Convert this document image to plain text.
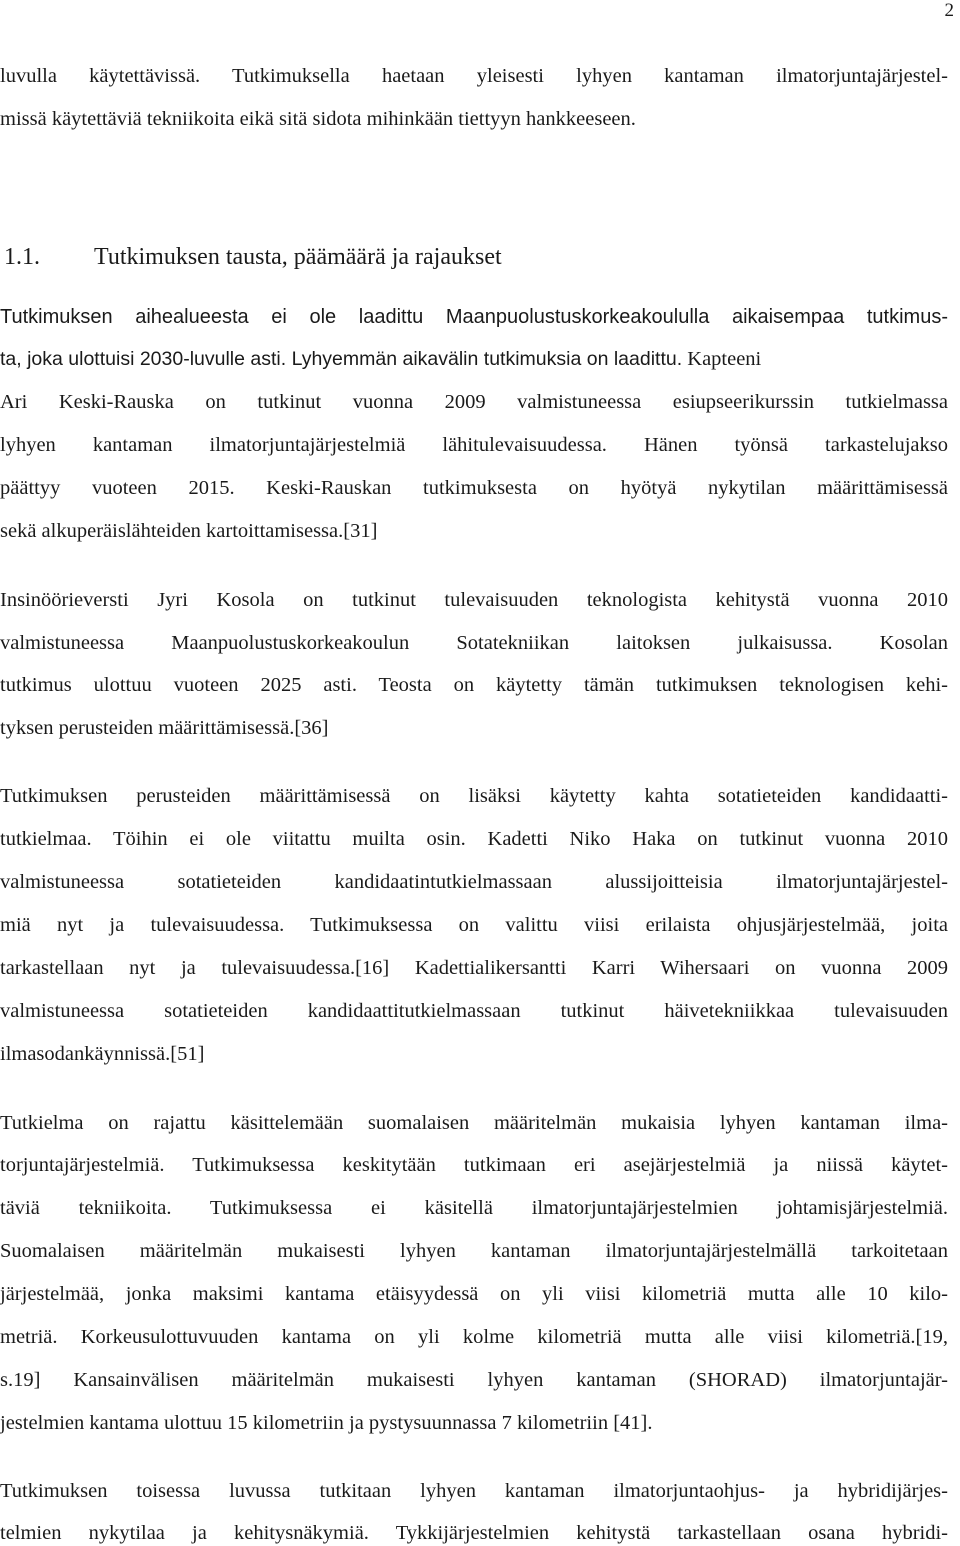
2
luvulla käytettävissä. Tutkimuksella haetaan yleisesti lyhyen kantaman ilmatorjuntajärjestel-
missä käytettäviä tekniikoita eikä sitä sidota mihinkään tiettyyn hankkeeseen.
1.1. Tutkimuksen tausta, päämäärä ja rajaukset
Tutkimuksen aihealueesta ei ole laadittu Maanpuolustuskorkeakoululla aikaisempaa tutkimus-
ta, joka ulottuisi 2030-luvulle asti. Lyhyemmän aikavälin tutkimuksia on laadittu. Kapteeni
Ari Keski-Rauska on tutkinut vuonna 2009 valmistuneessa esiupseerikurssin tutkielmassa
lyhyen kantaman ilmatorjuntajärjestelmiä lähitulevaisuudessa. Hänen työnsä tarkastelujakso
päättyy vuoteen 2015. Keski-Rauskan tutkimuksesta on hyötyä nykytilan määrittämisessä
sekä alkuperäislähteiden kartoittamisessa.[31]
Insinöörieversti Jyri Kosola on tutkinut tulevaisuuden teknologista kehitystä vuonna 2010
valmistuneessa Maanpuolustuskorkeakoulun Sotatekniikan laitoksen julkaisussa. Kosolan
tutkimus ulottuu vuoteen 2025 asti. Teosta on käytetty tämän tutkimuksen teknologisen kehi-
tyksen perusteiden määrittämisessä.[36]
Tutkimuksen perusteiden määrittämisessä on lisäksi käytetty kahta sotatieteiden kandidaatti-
tutkielmaa. Töihin ei ole viitattu muilta osin. Kadetti Niko Haka on tutkinut vuonna 2010
valmistuneessa sotatieteiden kandidaatintutkielmassaan alussijoitteisia ilmatorjuntajärjestel-
miä nyt ja tulevaisuudessa. Tutkimuksessa on valittu viisi erilaista ohjusjärjestelmää, joita
tarkastellaan nyt ja tulevaisuudessa.[16] Kadettialikersantti Karri Wihersaari on vuonna 2009
valmistuneessa sotatieteiden kandidaattitutkielmassaan tutkinut häivetekniikkaa tulevaisuuden
ilmasodankäynnissä.[51]
Tutkielma on rajattu käsittelemään suomalaisen määritelmän mukaisia lyhyen kantaman ilma-
torjuntajärjestelmiä. Tutkimuksessa keskitytään tutkimaan eri asejärjestelmiä ja niissä käytet-
täviä tekniikoita. Tutkimuksessa ei käsitellä ilmatorjuntajärjestelmien johtamisjärjestelmiä.
Suomalaisen määritelmän mukaisesti lyhyen kantaman ilmatorjuntajärjestelmällä tarkoitetaan
järjestelmää, jonka maksimi kantama etäisyydessä on yli viisi kilometriä mutta alle 10 kilo-
metriä. Korkeusulottuvuuden kantama on yli kolme kilometriä mutta alle viisi kilometriä.[19,
s.19] Kansainvälisen määritelmän mukaisesti lyhyen kantaman (SHORAD) ilmatorjuntajär-
jestelmien kantama ulottuu 15 kilometriin ja pystysuunnassa 7 kilometriin [41].
Tutkimuksen toisessa luvussa tutkitaan lyhyen kantaman ilmatorjuntaohjus- ja hybridijärjes-
telmien nykytilaa ja kehitysnäkymiä. Tykkijärjestelmien kehitystä tarkastellaan osana hybridi-
